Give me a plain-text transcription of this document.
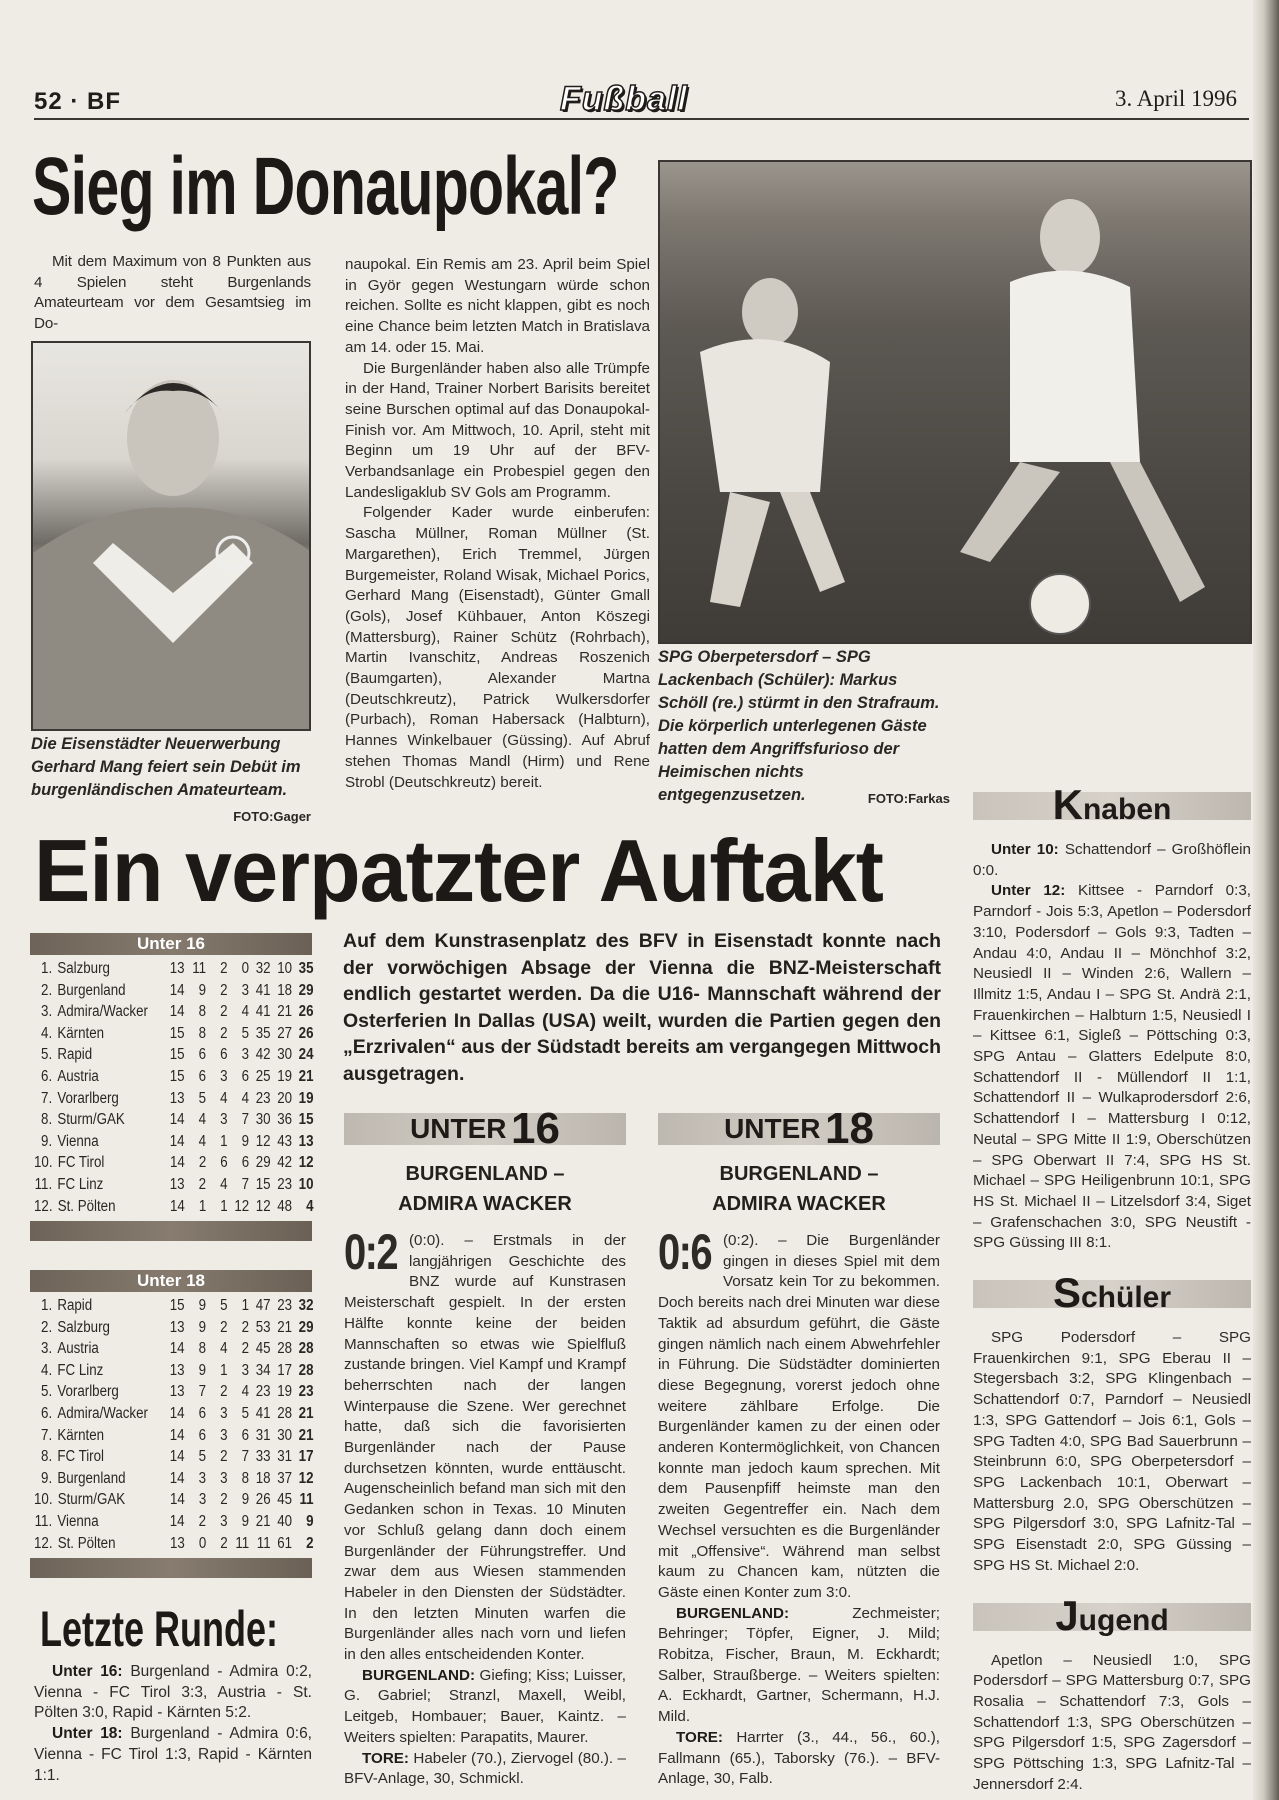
52 · BF	Fußball	3. April 1996
Sieg im Donaupokal?

Mit dem Maximum von 8 Punkten aus 4 Spielen steht Burgenlands Amateurteam vor dem Gesamtsieg im Do-

Die Eisenstädter Neuerwerbung Gerhard Mang feiert sein Debüt im burgenländischen Amateurteam.
FOTO:Gager

naupokal. Ein Remis am 23. April beim Spiel in Györ gegen Westungarn würde schon reichen. Sollte es nicht klappen, gibt es noch eine Chance beim letzten Match in Bratislava am 14. oder 15. Mai.

Die Burgenländer haben also alle Trümpfe in der Hand, Trainer Norbert Barisits bereitet seine Burschen optimal auf das Donaupokal-Finish vor. Am Mittwoch, 10. April, steht mit Beginn um 19 Uhr auf der BFV-Verbandsanlage ein Probespiel gegen den Landesligaklub SV Gols am Programm.

Folgender Kader wurde einberufen: Sascha Müllner, Roman Müllner (St. Margarethen), Erich Tremmel, Jürgen Burgemeister, Roland Wisak, Michael Porics, Gerhard Mang (Eisenstadt), Günter Gmall (Gols), Josef Kühbauer, Anton Köszegi (Mattersburg), Rainer Schütz (Rohrbach), Martin Ivanschitz, Andreas Roszenich (Baumgarten), Alexander Martna (Deutschkreutz), Patrick Wulkersdorfer (Purbach), Roman Habersack (Halbturn), Hannes Winkelbauer (Güssing). Auf Abruf stehen Thomas Mandl (Hirm) und Rene Strobl (Deutschkreutz) bereit.

SPG Oberpetersdorf – SPG Lackenbach (Schüler): Markus Schöll (re.) stürmt in den Strafraum. Die körperlich unterlegenen Gäste hatten dem Angriffsfurioso der Heimischen nichts entgegenzusetzen.	FOTO:Farkas
Ein verpatzter Auftakt
Unter 16
1. Salzburg	13 11 2 0 32 10 35
2. Burgenland	14 9 2 3 41 18 29
3. Admira/Wacker	14 8 2 4 41 21 26
4. Kärnten	15 8 2 5 35 27 26
5. Rapid	15 6 6 3 42 30 24
6. Austria	15 6 3 6 25 19 21
7. Vorarlberg	13 5 4 4 23 20 19
8. Sturm/GAK	14 4 3 7 30 36 15
9. Vienna	14 4 1 9 12 43 13
10. FC Tirol	14 2 6 6 29 42 12
11. FC Linz	13 2 4 7 15 23 10
12. St. Pölten	14 1 1 12 12 48 4
Unter 18
1. Rapid	15 9 5 1 47 23 32
2. Salzburg	13 9 2 2 53 21 29
3. Austria	14 8 4 2 45 28 28
4. FC Linz	13 9 1 3 34 17 28
5. Vorarlberg	13 7 2 4 23 19 23
6. Admira/Wacker	14 6 3 5 41 28 21
7. Kärnten	14 6 3 6 31 30 21
8. FC Tirol	14 5 2 7 33 31 17
9. Burgenland	14 3 3 8 18 37 12
10. Sturm/GAK	14 3 2 9 26 45 11
11. Vienna	14 2 3 9 21 40 9
12. St. Pölten	13 0 2 11 11 61 2
Letzte Runde:

Unter 16: Burgenland - Admira 0:2, Vienna - FC Tirol 3:3, Austria - St. Pölten 3:0, Rapid - Kärnten 5:2.

Unter 18: Burgenland - Admira 0:6, Vienna - FC Tirol 1:3, Rapid - Kärnten 1:1.

Auf dem Kunstrasenplatz des BFV in Eisenstadt konnte nach der vorwöchigen Absage der Vienna die BNZ-Meisterschaft endlich gestartet werden. Da die U16- Mannschaft während der Osterferien In Dallas (USA) weilt, wurden die Partien gegen den „Erzrivalen“ aus der Südstadt bereits am vergangegen Mittwoch ausgetragen.
UNTER 16
BURGENLAND –
ADMIRA WACKER

0:2 (0:0). – Erstmals in der langjährigen Geschichte des BNZ wurde auf Kunstrasen Meisterschaft gespielt. In der ersten Hälfte konnte keine der beiden Mannschaften so etwas wie Spielfluß zustande bringen. Viel Kampf und Krampf beherrschten nach der langen Winterpause die Szene. Wer gerechnet hatte, daß sich die favorisierten Burgenländer nach der Pause durchsetzen könnten, wurde enttäuscht. Augenscheinlich befand man sich mit den Gedanken schon in Texas. 10 Minuten vor Schluß gelang dann doch einem Burgenländer der Führungstreffer. Und zwar dem aus Wiesen stammenden Habeler in den Diensten der Südstädter. In den letzten Minuten warfen die Burgenländer alles nach vorn und liefen in den alles entscheidenden Konter.

BURGENLAND: Giefing; Kiss; Luisser, G. Gabriel; Stranzl, Maxell, Weibl, Leitgeb, Hombauer; Bauer, Kaintz. – Weiters spielten: Parapatits, Maurer.

TORE: Habeler (70.), Ziervogel (80.). – BFV-Anlage, 30, Schmickl.

UNTER 18
BURGENLAND –
ADMIRA WACKER

0:6 (0:2). – Die Burgenländer gingen in dieses Spiel mit dem Vorsatz kein Tor zu bekommen. Doch bereits nach drei Minuten war diese Taktik ad absurdum geführt, die Gäste gingen nämlich nach einem Abwehrfehler in Führung. Die Südstädter dominierten diese Begegnung, vorerst jedoch ohne weitere zählbare Erfolge. Die Burgenländer kamen zu der einen oder anderen Kontermöglichkeit, von Chancen konnte man jedoch kaum sprechen. Mit dem Pausenpfiff heimste man den zweiten Gegentreffer ein. Nach dem Wechsel versuchten es die Burgenländer mit „Offensive“. Während man selbst kaum zu Chancen kam, nützten die Gäste einen Konter zum 3:0.

BURGENLAND:	Zechmeister; Behringer; Töpfer, Eigner, J. Mild; Robitza, Fischer, Braun, M. Eckhardt; Salber, Straußberge. – Weiters spielten: A. Eckhardt, Gartner, Schermann, H.J. Mild.

TORE: Harrter (3., 44., 56., 60.), Fallmann (65.), Taborsky (76.). – BFV-Anlage, 30, Falb.

Knaben

Unter 10: Schattendorf – Großhöflein 0:0.

Unter 12: Kittsee - Parndorf 0:3, Parndorf - Jois 5:3, Apetlon – Podersdorf 3:10, Podersdorf – Gols 9:3, Tadten – Andau 4:0, Andau II – Mönchhof 3:2, Neusiedl II – Winden 2:6, Wallern – Illmitz 1:5, Andau I – SPG St. Andrä 2:1, Frauenkirchen – Halbturn 1:5, Neusiedl I – Kittsee 6:1, Sigleß – Pöttsching 0:3, SPG Antau – Glatters Edelpute 8:0, Schattendorf II - Müllendorf II 1:1, Schattendorf II – Wulkaprodersdorf 2:6, Schattendorf I – Mattersburg I 0:12, Neutal – SPG Mitte II 1:9, Oberschützen – SPG Oberwart II 7:4, SPG HS St. Michael – SPG Heiligenbrunn 10:1, SPG HS St. Michael II – Litzelsdorf 3:4, Siget – Grafenschachen 3:0, SPG Neustift - SPG Güssing III 8:1.

Schüler

SPG Podersdorf – SPG Frauenkirchen 9:1, SPG Eberau II – Stegersbach 3:2, SPG Klingenbach – Schattendorf 0:7, Parndorf – Neusiedl 1:3, SPG Gattendorf – Jois 6:1, Gols – SPG Tadten 4:0, SPG Bad Sauerbrunn – Steinbrunn 6:0, SPG Oberpetersdorf – SPG Lackenbach 10:1, Oberwart – Mattersburg 2.0, SPG Oberschützen – SPG Pilgersdorf 3:0, SPG Lafnitz-Tal – SPG Eisenstadt 2:0, SPG Güssing – SPG HS St. Michael 2:0.

Jugend

Apetlon – Neusiedl 1:0, SPG Podersdorf – SPG Mattersburg 0:7, SPG Rosalia – Schattendorf 7:3, Gols – Schattendorf 1:3, SPG Oberschützen – SPG Pilgersdorf 1:5, SPG Zagersdorf – SPG Pöttsching 1:3, SPG Lafnitz-Tal – Jennersdorf 2:4.
